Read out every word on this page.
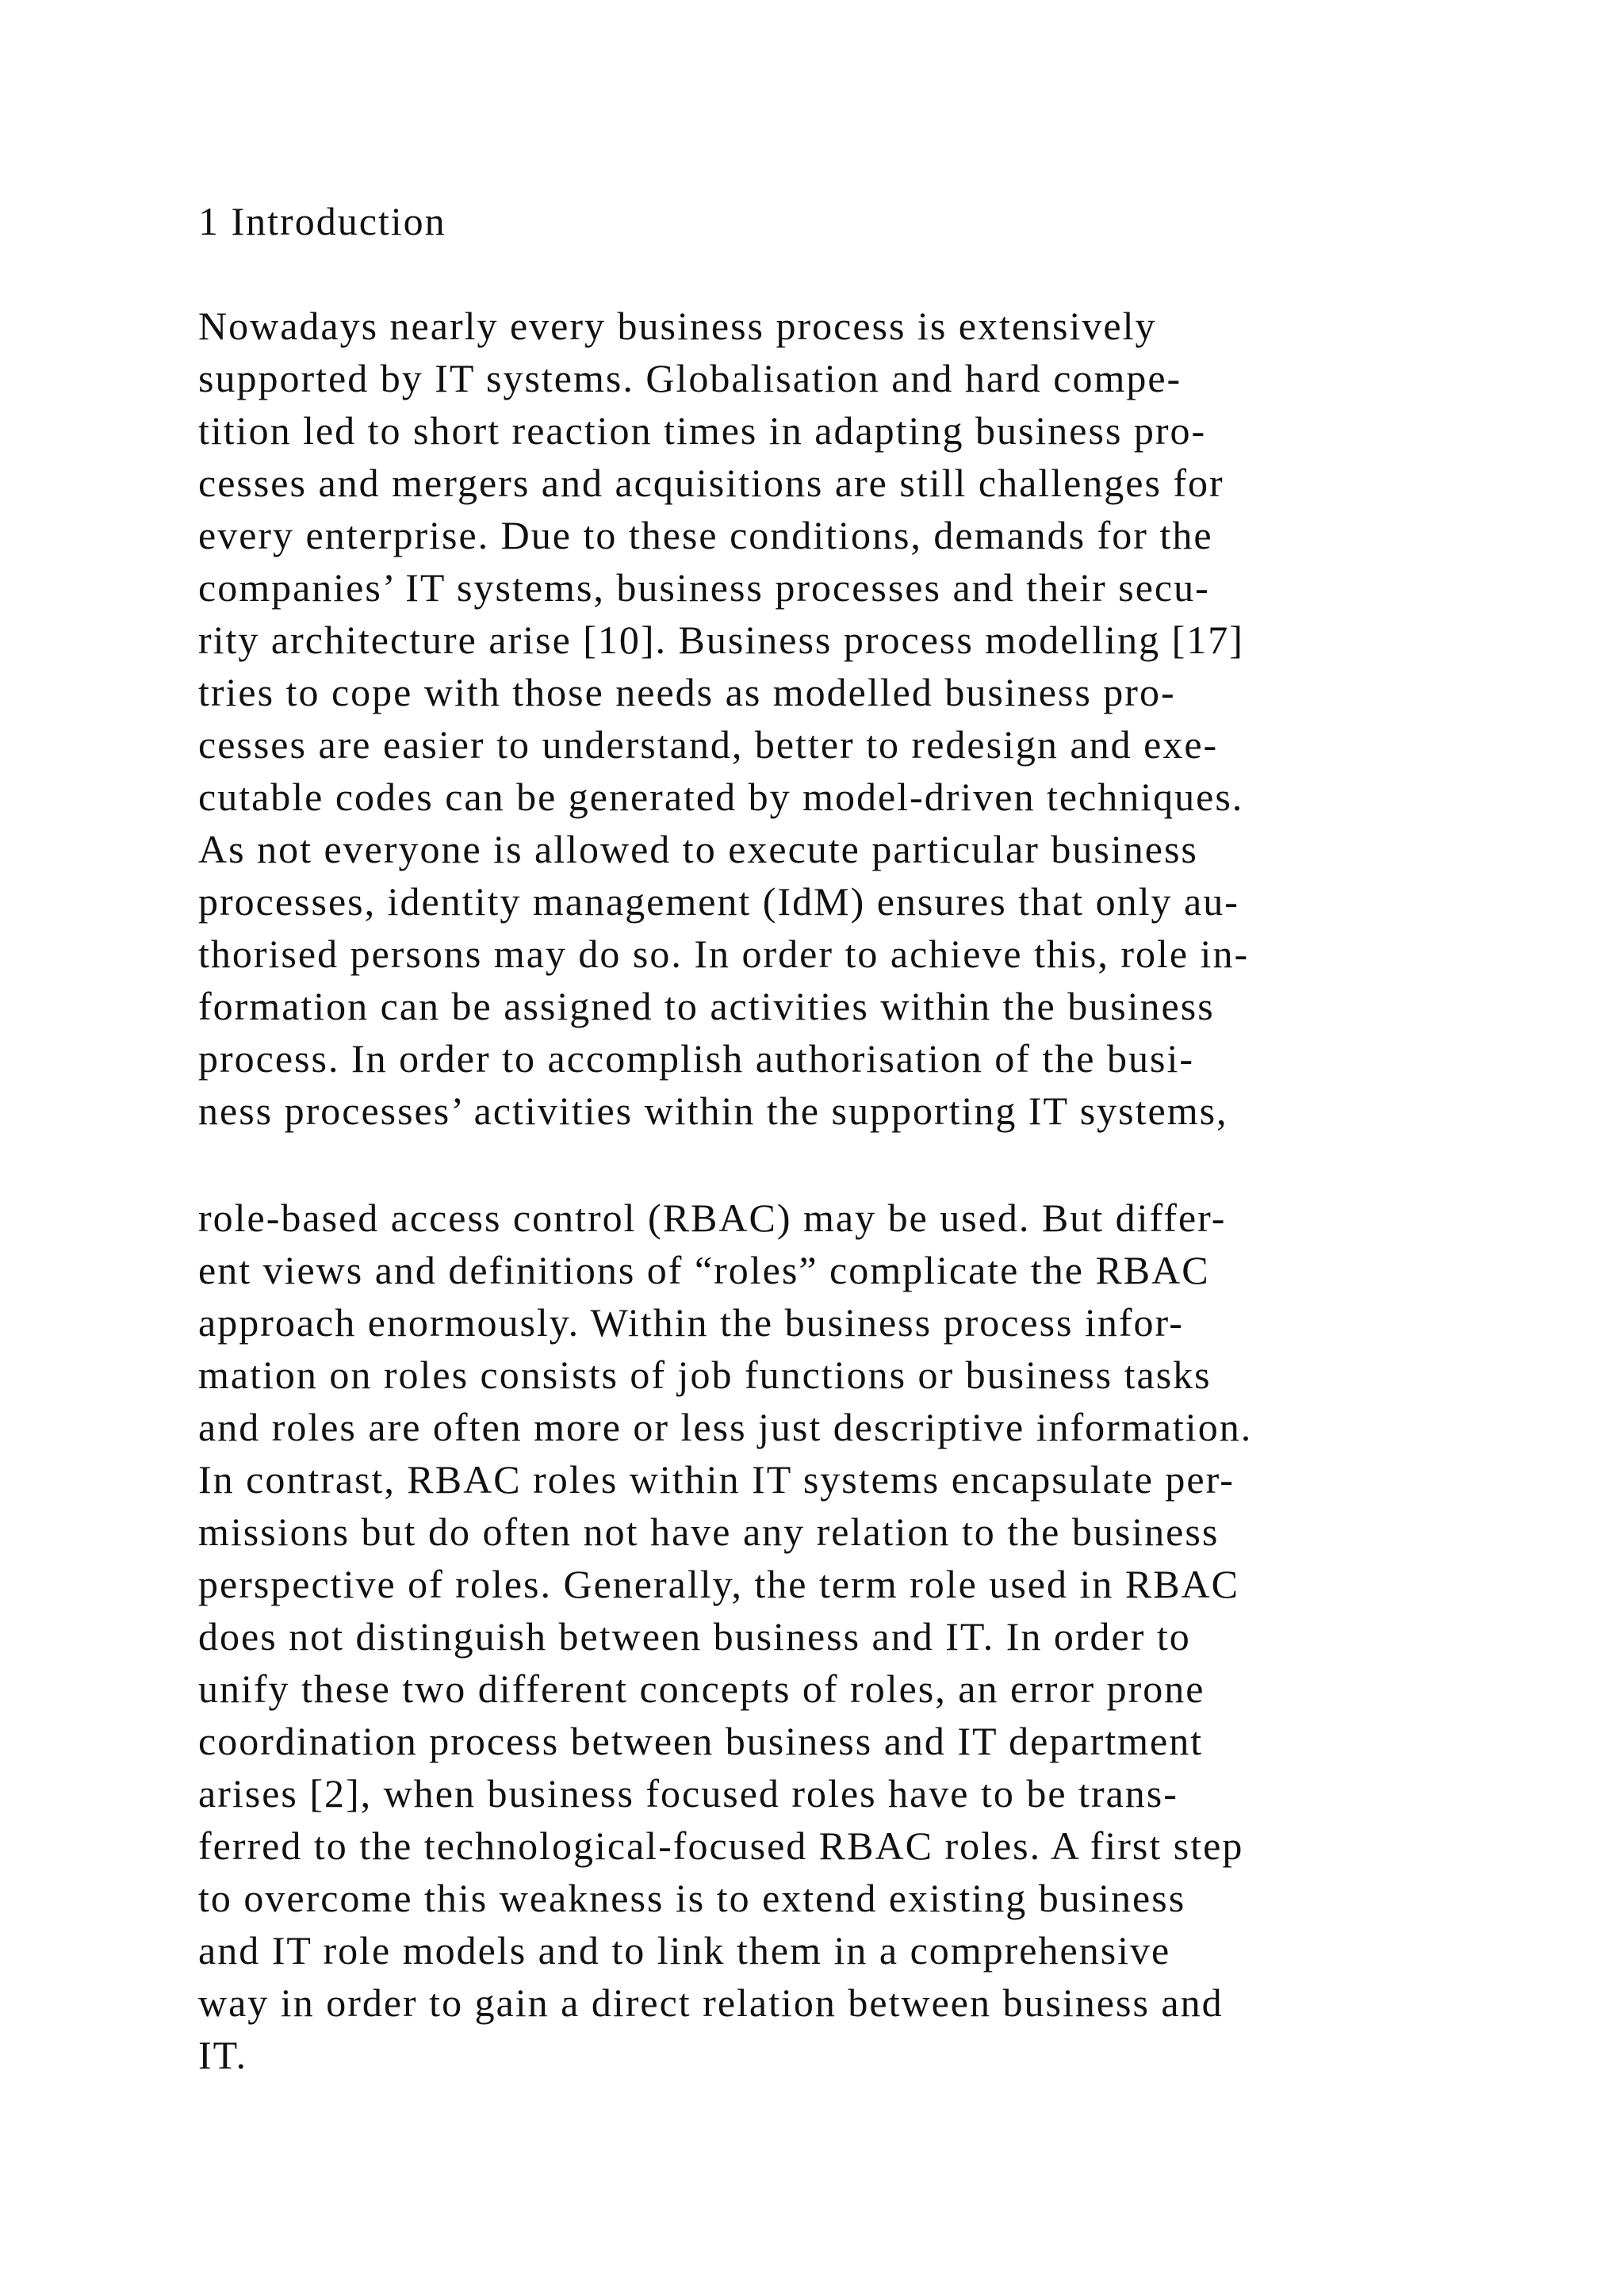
1 Introduction
Nowadays nearly every business process is extensively
supported by IT systems. Globalisation and hard compe-
tition led to short reaction times in adapting business pro-
cesses and mergers and acquisitions are still challenges for
every enterprise. Due to these conditions, demands for the
companies’ IT systems, business processes and their secu-
rity architecture arise [10]. Business process modelling [17]
tries to cope with those needs as modelled business pro-
cesses are easier to understand, better to redesign and exe-
cutable codes can be generated by model-driven techniques.
As not everyone is allowed to execute particular business
processes, identity management (IdM) ensures that only au-
thorised persons may do so. In order to achieve this, role in-
formation can be assigned to activities within the business
process. In order to accomplish authorisation of the busi-
ness processes’ activities within the supporting IT systems,
role-based access control (RBAC) may be used. But differ-
ent views and definitions of “roles” complicate the RBAC
approach enormously. Within the business process infor-
mation on roles consists of job functions or business tasks
and roles are often more or less just descriptive information.
In contrast, RBAC roles within IT systems encapsulate per-
missions but do often not have any relation to the business
perspective of roles. Generally, the term role used in RBAC
does not distinguish between business and IT. In order to
unify these two different concepts of roles, an error prone
coordination process between business and IT department
arises [2], when business focused roles have to be trans-
ferred to the technological-focused RBAC roles. A first step
to overcome this weakness is to extend existing business
and IT role models and to link them in a comprehensive
way in order to gain a direct relation between business and
IT.
